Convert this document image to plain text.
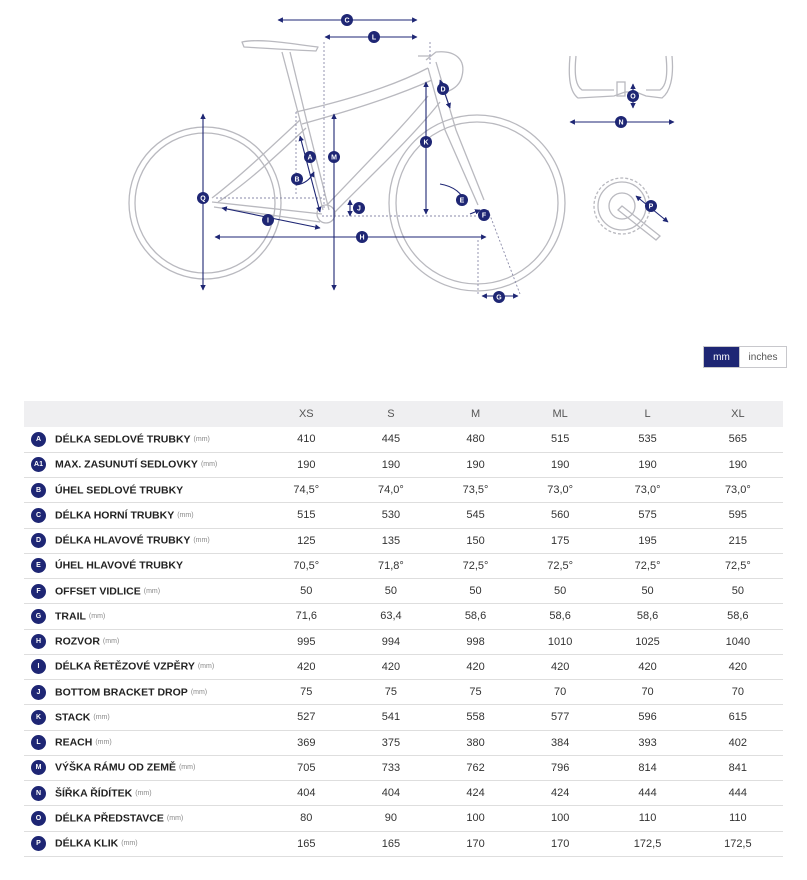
A
B
C
D
E
F
G
H
I
J
K
L
M
N
O
P
Q
mm	inches
	XS	S	M	ML	L	XL
A DÉLKA SEDLOVÉ TRUBKY (mm)	410	445	480	515	535	565
A1 MAX. ZASUNUTÍ SEDLOVKY (mm)	190	190	190	190	190	190
B ÚHEL SEDLOVÉ TRUBKY	74,5°	74,0°	73,5°	73,0°	73,0°	73,0°
C DÉLKA HORNÍ TRUBKY (mm)	515	530	545	560	575	595
D DÉLKA HLAVOVÉ TRUBKY (mm)	125	135	150	175	195	215
E ÚHEL HLAVOVÉ TRUBKY	70,5°	71,8°	72,5°	72,5°	72,5°	72,5°
F OFFSET VIDLICE (mm)	50	50	50	50	50	50
G TRAIL (mm)	71,6	63,4	58,6	58,6	58,6	58,6
H ROZVOR (mm)	995	994	998	1010	1025	1040
I DÉLKA ŘETĚZOVÉ VZPĚRY (mm)	420	420	420	420	420	420
J BOTTOM BRACKET DROP (mm)	75	75	75	70	70	70
K STACK (mm)	527	541	558	577	596	615
L REACH (mm)	369	375	380	384	393	402
M VÝŠKA RÁMU OD ZEMĚ (mm)	705	733	762	796	814	841
N ŠÍŘKA ŘÍDÍTEK (mm)	404	404	424	424	444	444
O DÉLKA PŘEDSTAVCE (mm)	80	90	100	100	110	110
P DÉLKA KLIK (mm)	165	165	170	170	172,5	172,5
